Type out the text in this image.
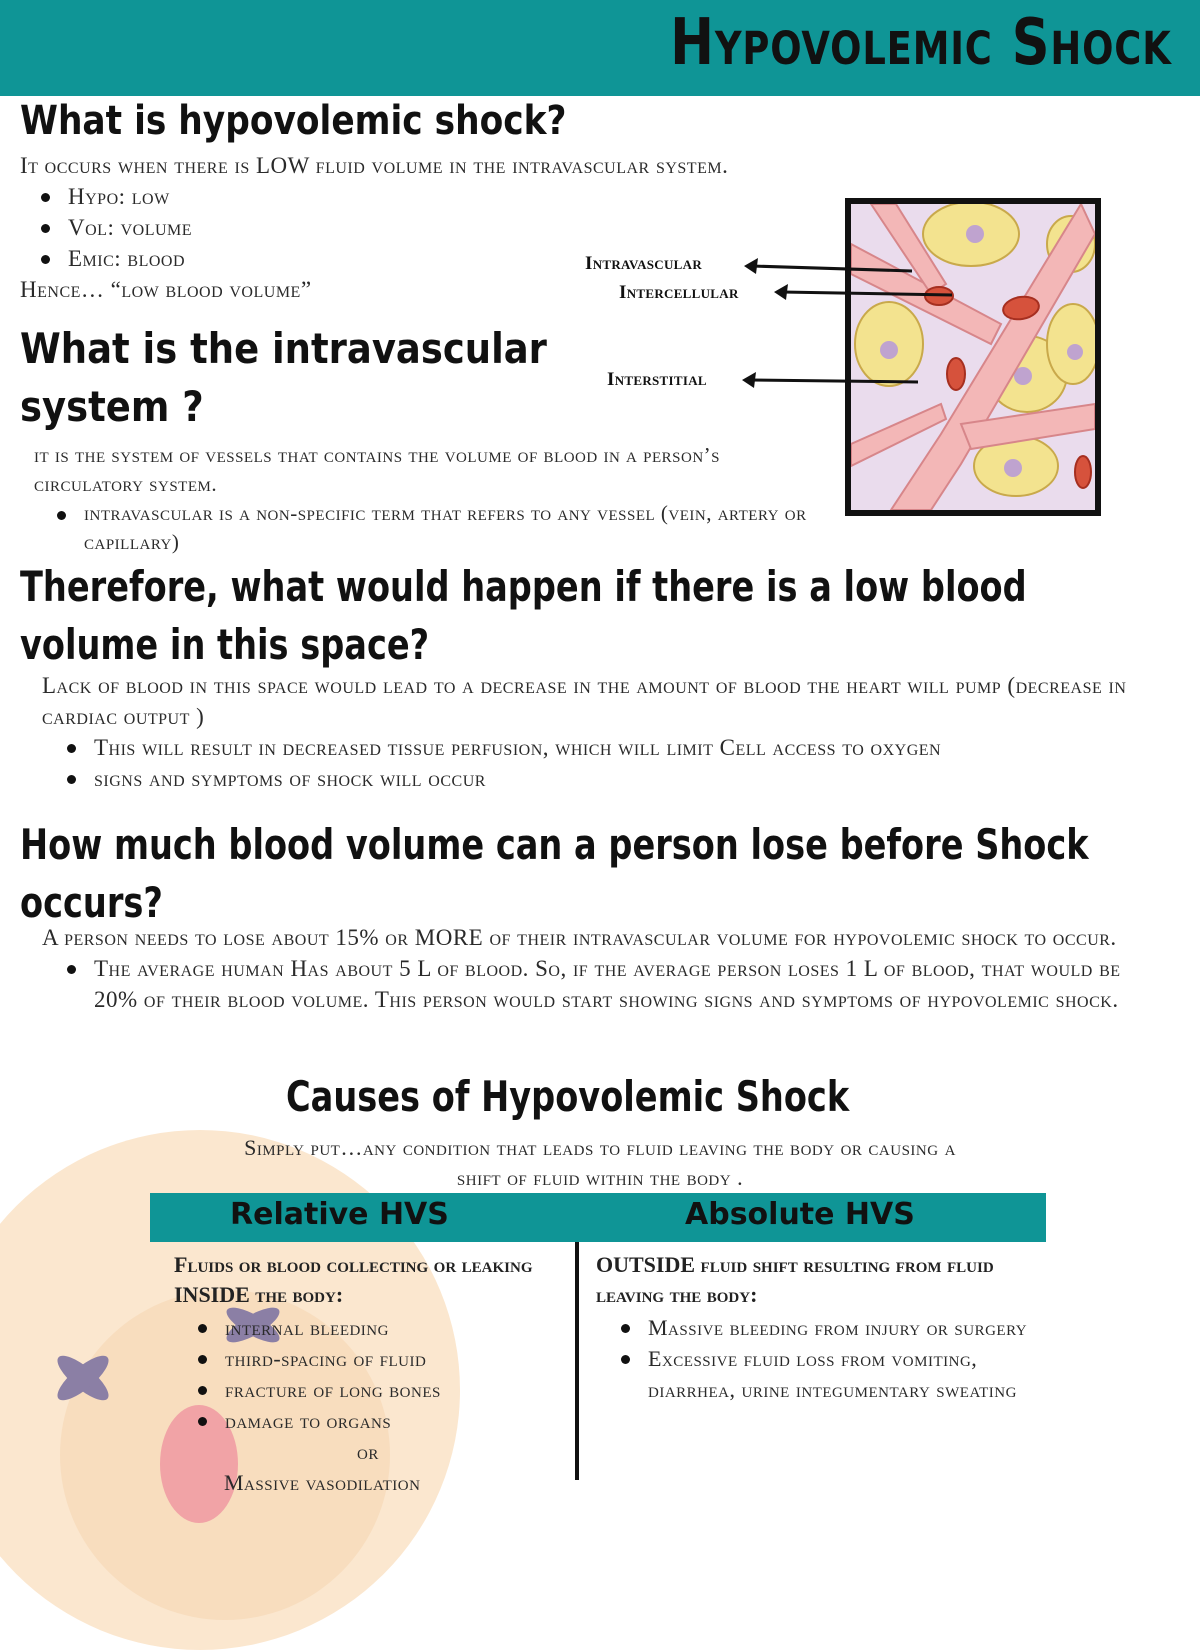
Hypovolemic Shock
What is hypovolemic shock?

It occurs when there is LOW fluid volume in the intravascular system.

Hypo: low
Vol: volume
Emic: blood

Hence… “low blood volume”

Intravascular
Intercellular
Interstitial
What is the intravascular
system ?

it is the system of vessels that contains the volume of blood in a person’s circulatory system.

intravascular is a non-specific term that refers to any vessel (vein, artery or capillary)
Therefore, what would happen if there is a low blood
volume in this space?

Lack of blood in this space would lead to a decrease in the amount of blood the heart will pump (decrease in cardiac output )

This will result in decreased tissue perfusion, which will limit Cell access to oxygen
signs and symptoms of shock will occur
How much blood volume can a person lose before Shock
occurs?

A person needs to lose about 15% or MORE of their intravascular volume for hypovolemic shock to occur.

The average human Has about 5 L of blood. So, if the average person loses 1 L of blood, that would be 20% of their blood volume. This person would start showing signs and symptoms of hypovolemic shock.
Causes of Hypovolemic Shock

Simply put…any condition that leads to fluid leaving the body or causing a

shift of fluid within the body .

Relative HVS	Absolute HVS
Fluids or blood collecting or leaking INSIDE the body:
internal bleeding
third-spacing of fluid
fracture of long bones
damage to organs
or
Massive vasodilation
OUTSIDE fluid shift resulting from fluid leaving the body:
Massive bleeding from injury or surgery
Excessive fluid loss from vomiting, diarrhea, urine integumentary sweating
